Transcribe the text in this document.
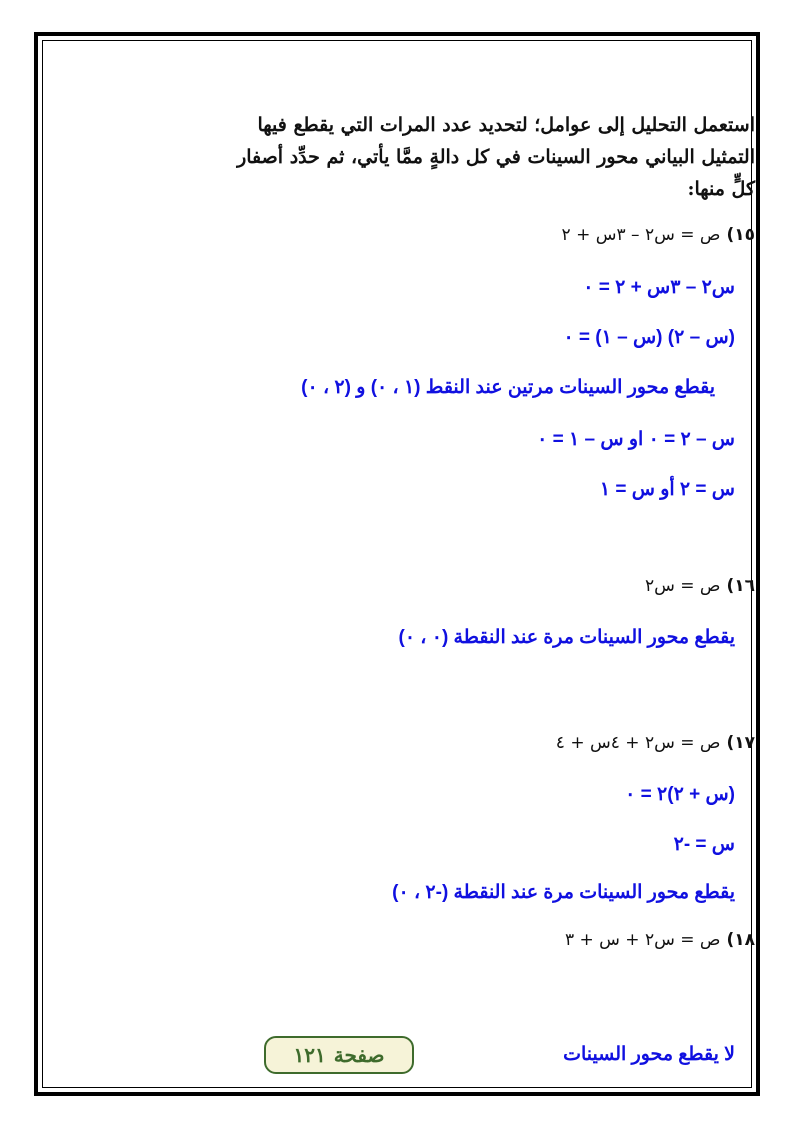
استعمل التحليل إلى عوامل؛ لتحديد عدد المرات التي يقطع فيها
التمثيل البياني محور السينات في كل دالةٍ ممَّا يأتي، ثم حدِّد أصفار
كلٍّ منها:
١٥)ص = س٢ – ٣س + ٢
س٢ – ٣س + ٢ = ٠
(س – ٢) (س – ١) = ٠
يقطع محور السينات مرتين عند النقط (١ ، ٠) و (٢ ، ٠)
س – ٢ = ٠ او س – ١ = ٠
س = ٢ أو س = ١
١٦)ص = س٢
يقطع محور السينات مرة عند النقطة (٠ ، ٠)
١٧)ص = س٢ + ٤س + ٤
(س + ٢)٢ = ٠
س = -٢
يقطع محور السينات مرة عند النقطة (-٢ ، ٠)
١٨)ص = س٢ + س + ٣
لا يقطع محور السينات
صفحة
١٢١
